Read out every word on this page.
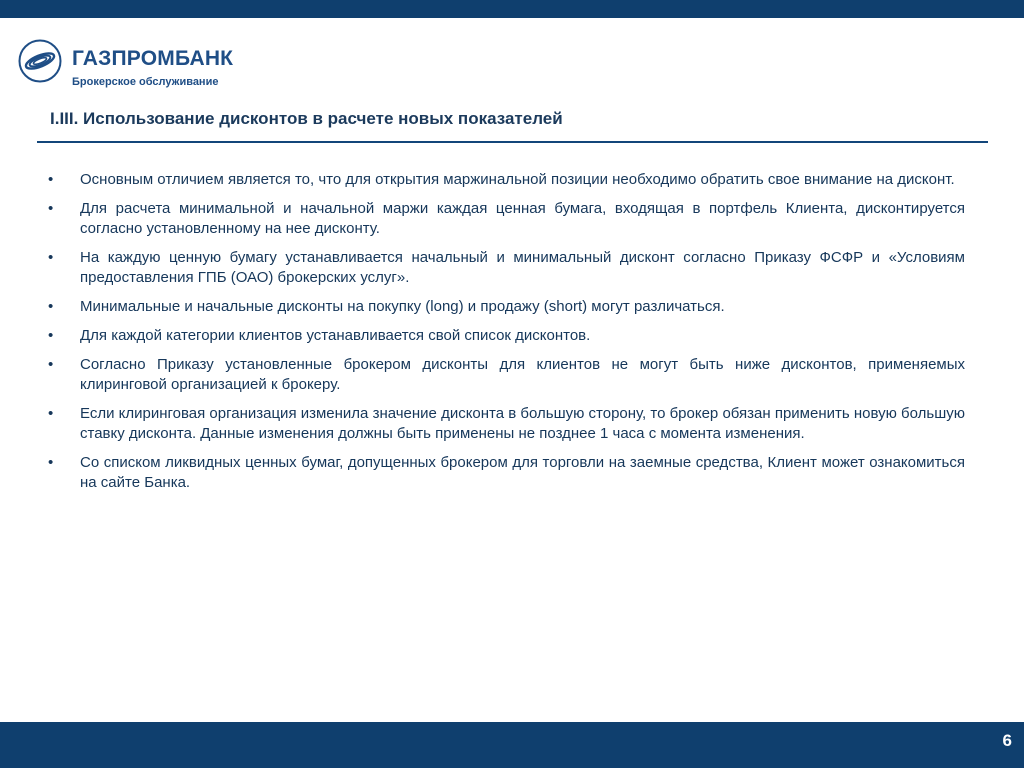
ГАЗПРОМБАНК
Брокерское обслуживание
I.III. Использование дисконтов в расчете новых показателей
•	Основным отличием является то, что для открытия маржинальной позиции необходимо обратить свое внимание на дисконт.
•	Для расчета минимальной и начальной маржи каждая ценная бумага, входящая в портфель Клиента, дисконтируется согласно установленному на нее дисконту.
•	На каждую ценную бумагу устанавливается начальный и минимальный дисконт согласно Приказу ФСФР и «Условиям предоставления ГПБ (ОАО) брокерских услуг».
•	Минимальные и начальные дисконты на покупку (long) и продажу (short) могут различаться.
•	Для каждой категории клиентов устанавливается свой список дисконтов.
•	Согласно Приказу установленные брокером дисконты для клиентов не могут быть ниже дисконтов, применяемых клиринговой организацией к брокеру.
•	Если клиринговая организация изменила значение дисконта в большую сторону, то брокер обязан применить новую большую ставку дисконта. Данные изменения должны быть применены не позднее 1 часа с момента изменения.
•	Со списком ликвидных ценных бумаг, допущенных брокером для торговли на заемные средства, Клиент может ознакомиться на сайте Банка.
6
